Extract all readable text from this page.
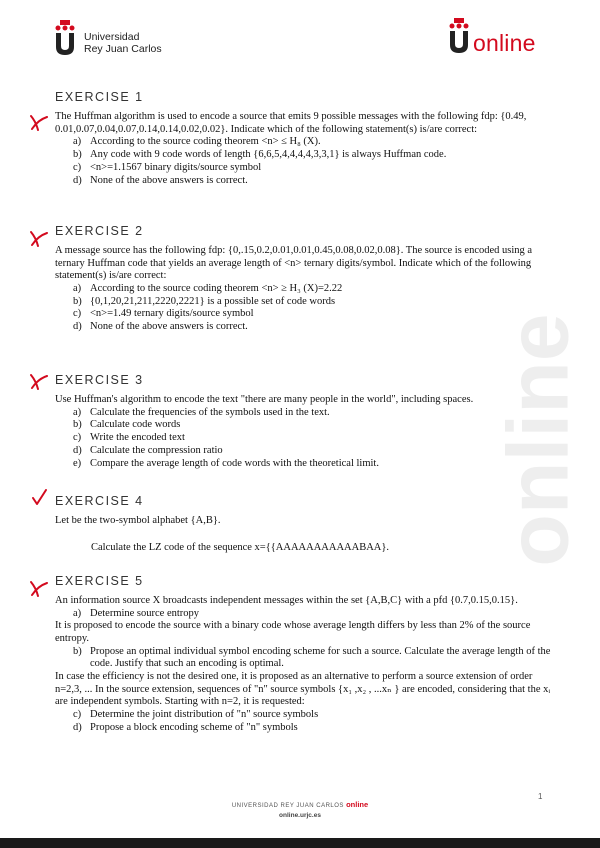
Universidad
Rey Juan Carlos	online
online
EXERCISE 1

The Huffman algorithm is used to encode a source that emits 9 possible messages with the following fdp: {0.49, 0.01,0.07,0.04,0.07,0.14,0.14,0.02,0.02}. Indicate which of the following statement(s) is/are correct:

a) According to the source coding theorem <n> ≤ H₈ (X).
b) Any code with 9 code words of length {6,6,5,4,4,4,4,3,3,1} is always Huffman code.
c) <n>=1.1567 binary digits/source symbol
d) None of the above answers is correct.
EXERCISE 2

A message source has the following fdp: {0,.15,0.2,0.01,0.01,0.45,0.08,0.02,0.08}. The source is encoded using a ternary Huffman code that yields an average length of <n> ternary digits/symbol. Indicate which of the following statement(s) is/are correct:

a) According to the source coding theorem <n> ≥ H₃ (X)=2.22
b) {0,1,20,21,211,2220,2221} is a possible set of code words
c) <n>=1.49 ternary digits/source symbol
d) None of the above answers is correct.
EXERCISE 3

Use Huffman's algorithm to encode the text "there are many people in the world", including spaces.

a) Calculate the frequencies of the symbols used in the text.
b) Calculate code words
c) Write the encoded text
d) Calculate the compression ratio
e) Compare the average length of code words with the theoretical limit.
EXERCISE 4

Let be the two-symbol alphabet {A,B}.

Calculate the LZ code of the sequence x={{AAAAAAAAAAABAA}.

EXERCISE 5

An information source X broadcasts independent messages within the set {A,B,C} with a pfd {0.7,0.15,0.15}.

a) Determine source entropy

It is proposed to encode the source with a binary code whose average length differs by less than 2% of the source entropy.

b) Propose an optimal individual symbol encoding scheme for such a source. Calculate the average length of the code. Justify that such an encoding is optimal.

In case the efficiency is not the desired one, it is proposed as an alternative to perform a source extension of order n=2,3, ... In the source extension, sequences of "n" source symbols {x₁ ,x₂ , ...xₙ } are encoded, considering that the xᵢ are independent symbols. Starting with n=2, it is requested:

c) Determine the joint distribution of "n" source symbols
d) Propose a block encoding scheme of "n" symbols
1
UNIVERSIDAD REY JUAN CARLOS online
online.urjc.es
